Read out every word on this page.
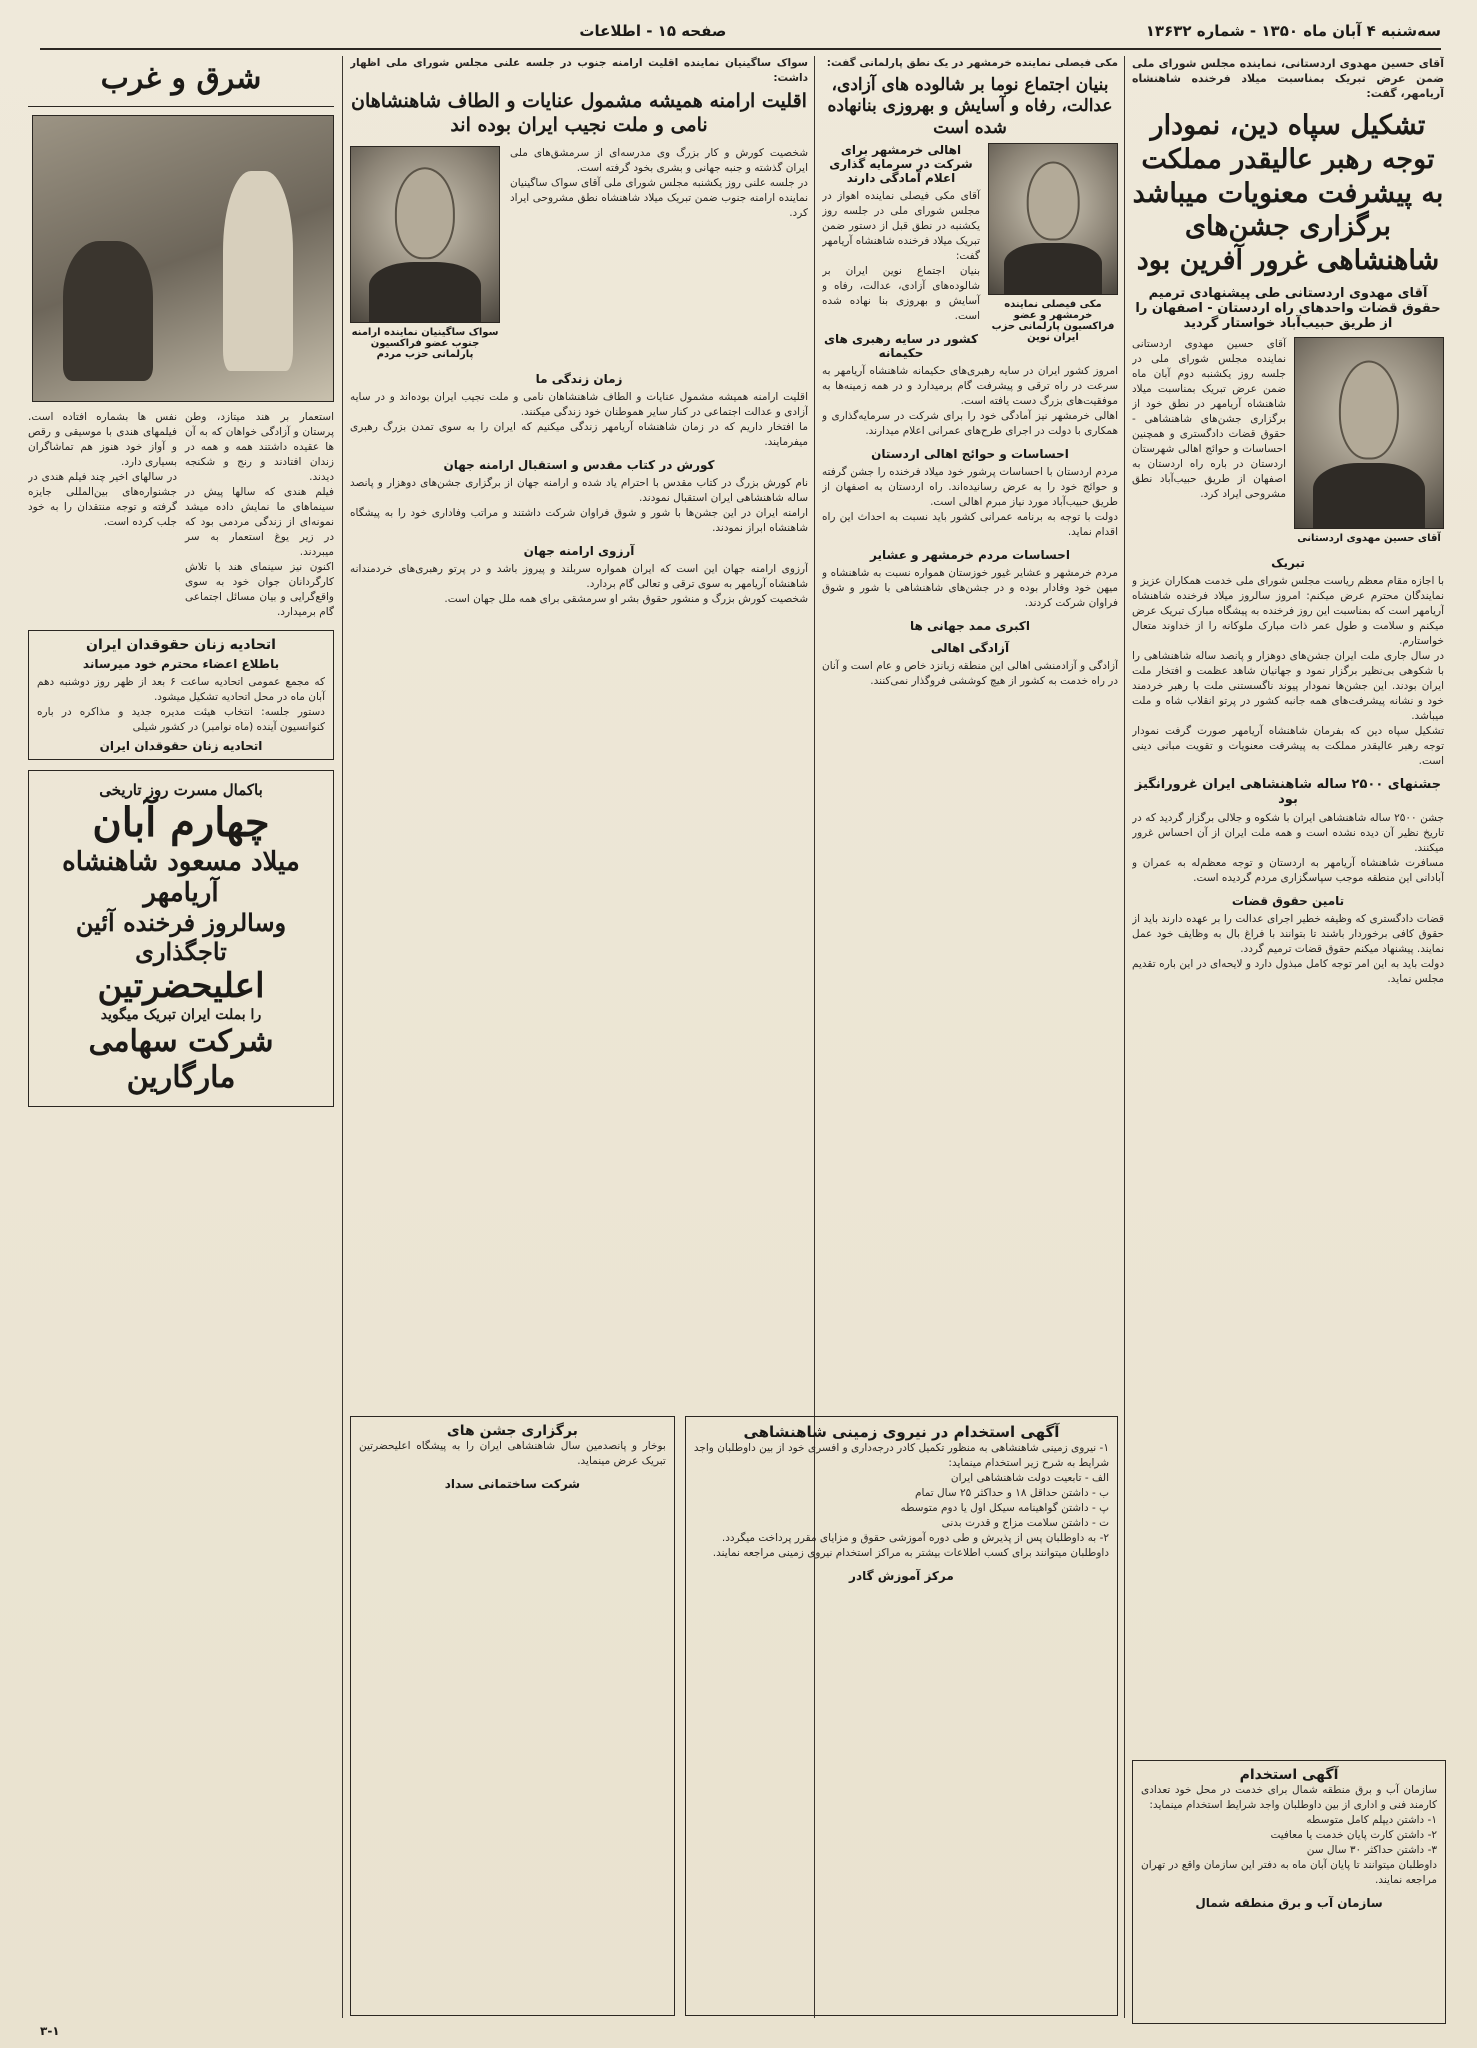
سه‌شنبه ۴ آبان ماه ۱۳۵۰ - شماره ۱۳۶۳۲
صفحه ۱۵ - اطلاعات
آقای حسین مهدوی اردستانی، نماینده مجلس شورای ملی ضمن عرض تبریک بمناسبت میلاد فرخنده شاهنشاه آریامهر، گفت:
تشکیل سپاه دین، نمودار توجه رهبر عالیقدر مملکت به پیشرفت معنویات میباشد برگزاری جشن‌های شاهنشاهی غرور آفرین بود
آقای مهدوی اردستانی طی پیشنهادی ترمیم حقوق قضات واحدهای راه اردستان - اصفهان را از طریق حبیب‌آباد خواستار گردید
آقای حسین مهدوی اردستانی
آقای حسین مهدوی اردستانی نماینده مجلس شورای ملی در جلسه روز یکشنبه دوم آبان ماه ضمن عرض تبریک بمناسبت میلاد شاهنشاه آریامهر در نطق خود از برگزاری جشن‌های شاهنشاهی - حقوق قضات دادگستری و همچنین احساسات و حوائج اهالی شهرستان اردستان در باره راه اردستان به اصفهان از طریق حبیب‌آباد نطق مشروحی ایراد کرد.
تبریک
با اجازه مقام معظم ریاست مجلس شورای ملی خدمت همکاران عزیز و نمایندگان محترم عرض میکنم: امروز سالروز میلاد فرخنده شاهنشاه آریامهر است که بمناسبت این روز فرخنده به پیشگاه مبارک تبریک عرض میکنم و سلامت و طول عمر ذات مبارک ملوکانه را از خداوند متعال خواستارم.
در سال جاری ملت ایران جشن‌های دوهزار و پانصد ساله شاهنشاهی را با شکوهی بی‌نظیر برگزار نمود و جهانیان شاهد عظمت و افتخار ملت ایران بودند. این جشن‌ها نمودار پیوند ناگسستنی ملت با رهبر خردمند خود و نشانه پیشرفت‌های همه جانبه کشور در پرتو انقلاب شاه و ملت میباشد.
تشکیل سپاه دین که بفرمان شاهنشاه آریامهر صورت گرفت نمودار توجه رهبر عالیقدر مملکت به پیشرفت معنویات و تقویت مبانی دینی است.
جشنهای ۲۵۰۰ ساله شاهنشاهی ایران غرورانگیز بود
جشن ۲۵۰۰ ساله شاهنشاهی ایران با شکوه و جلالی برگزار گردید که در تاریخ نظیر آن دیده نشده است و همه ملت ایران از آن احساس غرور میکنند.
مسافرت شاهنشاه آریامهر به اردستان و توجه معظم‌له به عمران و آبادانی این منطقه موجب سپاسگزاری مردم گردیده است.
تامین حقوق قضات
قضات دادگستری که وظیفه خطیر اجرای عدالت را بر عهده دارند باید از حقوق کافی برخوردار باشند تا بتوانند با فراغ بال به وظایف خود عمل نمایند. پیشنهاد میکنم حقوق قضات ترمیم گردد.
دولت باید به این امر توجه کامل مبذول دارد و لایحه‌ای در این باره تقدیم مجلس نماید.
مکی فیصلی نماینده خرمشهر در یک نطق پارلمانی گفت:
بنیان اجتماع نوما بر شالوده های آزادی، عدالت، رفاه و آسایش و بهروزی بنانهاده شده است
مکی فیصلی نماینده خرمشهر و عضو فراکسیون پارلمانی حزب ایران نوین
اهالی خرمشهر برای شرکت در سرمایه گذاری اعلام آمادگی دارند
آقای مکی فیصلی نماینده اهواز در مجلس شورای ملی در جلسه روز یکشنبه در نطق قبل از دستور ضمن تبریک میلاد فرخنده شاهنشاه آریامهر گفت:
بنیان اجتماع نوین ایران بر شالوده‌های آزادی، عدالت، رفاه و آسایش و بهروزی بنا نهاده شده است.
کشور در سایه رهبری های حکیمانه
امروز کشور ایران در سایه رهبری‌های حکیمانه شاهنشاه آریامهر به سرعت در راه ترقی و پیشرفت گام برمیدارد و در همه زمینه‌ها به موفقیت‌های بزرگ دست یافته است.
اهالی خرمشهر نیز آمادگی خود را برای شرکت در سرمایه‌گذاری و همکاری با دولت در اجرای طرح‌های عمرانی اعلام میدارند.
احساسات و حوائج اهالی اردستان
مردم اردستان با احساسات پرشور خود میلاد فرخنده را جشن گرفته و حوائج خود را به عرض رسانیده‌اند. راه اردستان به اصفهان از طریق حبیب‌آباد مورد نیاز مبرم اهالی است.
دولت با توجه به برنامه عمرانی کشور باید نسبت به احداث این راه اقدام نماید.
احساسات مردم خرمشهر و عشایر
مردم خرمشهر و عشایر غیور خوزستان همواره نسبت به شاهنشاه و میهن خود وفادار بوده و در جشن‌های شاهنشاهی با شور و شوق فراوان شرکت کردند.
اکبری ممد جهانی ها
آزادگی اهالی
آزادگی و آزادمنشی اهالی این منطقه زبانزد خاص و عام است و آنان در راه خدمت به کشور از هیچ کوششی فروگذار نمی‌کنند.
سواک ساگینیان نماینده اقلیت ارامنه جنوب در جلسه علنی مجلس شورای ملی اظهار داشت:
اقلیت ارامنه همیشه مشمول عنایات و الطاف شاهنشاهان نامی و ملت نجیب ایران بوده اند
شخصیت کورش و کار بزرگ وی مدرسه‌ای از سرمشق‌های ملی ایران گذشته و جنبه جهانی و بشری بخود گرفته است.
در جلسه علنی روز یکشنبه مجلس شورای ملی آقای سواک ساگینیان نماینده ارامنه جنوب ضمن تبریک میلاد شاهنشاه نطق مشروحی ایراد کرد.
سواک ساگینیان نماینده ارامنه جنوب عضو فراکسیون پارلمانی حزب مردم
زمان زندگی ما
اقلیت ارامنه همیشه مشمول عنایات و الطاف شاهنشاهان نامی و ملت نجیب ایران بوده‌اند و در سایه آزادی و عدالت اجتماعی در کنار سایر هموطنان خود زندگی میکنند.
ما افتخار داریم که در زمان شاهنشاه آریامهر زندگی میکنیم که ایران را به سوی تمدن بزرگ رهبری میفرمایند.
کورش در کتاب مقدس و استقبال ارامنه جهان
نام کورش بزرگ در کتاب مقدس با احترام یاد شده و ارامنه جهان از برگزاری جشن‌های دوهزار و پانصد ساله شاهنشاهی ایران استقبال نمودند.
ارامنه ایران در این جشن‌ها با شور و شوق فراوان شرکت داشتند و مراتب وفاداری خود را به پیشگاه شاهنشاه ابراز نمودند.
آرزوی ارامنه جهان
آرزوی ارامنه جهان این است که ایران همواره سربلند و پیروز باشد و در پرتو رهبری‌های خردمندانه شاهنشاه آریامهر به سوی ترقی و تعالی گام بردارد.
شخصیت کورش بزرگ و منشور حقوق بشر او سرمشقی برای همه ملل جهان است.
شرق و غرب
استعمار بر هند میتازد، وطن پرستان و آزادگی خواهان که به آن ها عقیده داشتند همه و همه در زندان افتادند و رنج و شکنجه دیدند.
فیلم هندی که سالها پیش در سینماهای ما نمایش داده میشد نمونه‌ای از زندگی مردمی بود که در زیر یوغ استعمار به سر میبردند.
اکنون نیز سینمای هند با تلاش کارگردانان جوان خود به سوی واقع‌گرایی و بیان مسائل اجتماعی گام برمیدارد.
نفس ها بشماره افتاده است. فیلمهای هندی با موسیقی و رقص و آواز خود هنوز هم تماشاگران بسیاری دارد.
در سالهای اخیر چند فیلم هندی در جشنواره‌های بین‌المللی جایزه گرفته و توجه منتقدان را به خود جلب کرده است.
اتحادیه زنان حقوقدان ایران
باطلاع اعضاء محترم خود میرساند
که مجمع عمومی اتحادیه ساعت ۶ بعد از ظهر روز دوشنبه دهم آبان ماه در محل اتحادیه تشکیل میشود.
دستور جلسه: انتخاب هیئت مدیره جدید و مذاکره در باره کنوانسیون آینده (ماه نوامبر) در کشور شیلی
اتحادیه زنان حقوقدان ایران
باکمال مسرت روز تاریخی
چهارم آبان
میلاد مسعود شاهنشاه آریامهر
وسالروز فرخنده آئین تاجگذاری
اعلیحضرتین
را بملت ایران تبریک میگوید
شرکت سهامی مارگارین
آگهی استخدام در نیروی زمینی شاهنشاهی
۱- نیروی زمینی شاهنشاهی به منظور تکمیل کادر درجه‌داری و افسری خود از بین داوطلبان واجد شرایط به شرح زیر استخدام مینماید:
الف - تابعیت دولت شاهنشاهی ایران
ب - داشتن حداقل ۱۸ و حداکثر ۲۵ سال تمام
پ - داشتن گواهینامه سیکل اول یا دوم متوسطه
ت - داشتن سلامت مزاج و قدرت بدنی
۲- به داوطلبان پس از پذیرش و طی دوره آموزشی حقوق و مزایای مقرر پرداخت میگردد.
داوطلبان میتوانند برای کسب اطلاعات بیشتر به مراکز استخدام نیروی زمینی مراجعه نمایند.
مرکز آموزش گادر
برگزاری جشن های
بوخار و پانصدمین سال شاهنشاهی ایران را به پیشگاه اعلیحضرتین تبریک عرض مینماید.
شرکت ساختمانی سداد
آگهی استخدام
سازمان آب و برق منطقه شمال برای خدمت در محل خود تعدادی کارمند فنی و اداری از بین داوطلبان واجد شرایط استخدام مینماید:
۱- داشتن دیپلم کامل متوسطه
۲- داشتن کارت پایان خدمت یا معافیت
۳- داشتن حداکثر ۳۰ سال سن
داوطلبان میتوانند تا پایان آبان ماه به دفتر این سازمان واقع در تهران مراجعه نمایند.
سازمان آب و برق منطقه شمال
۳-۱
